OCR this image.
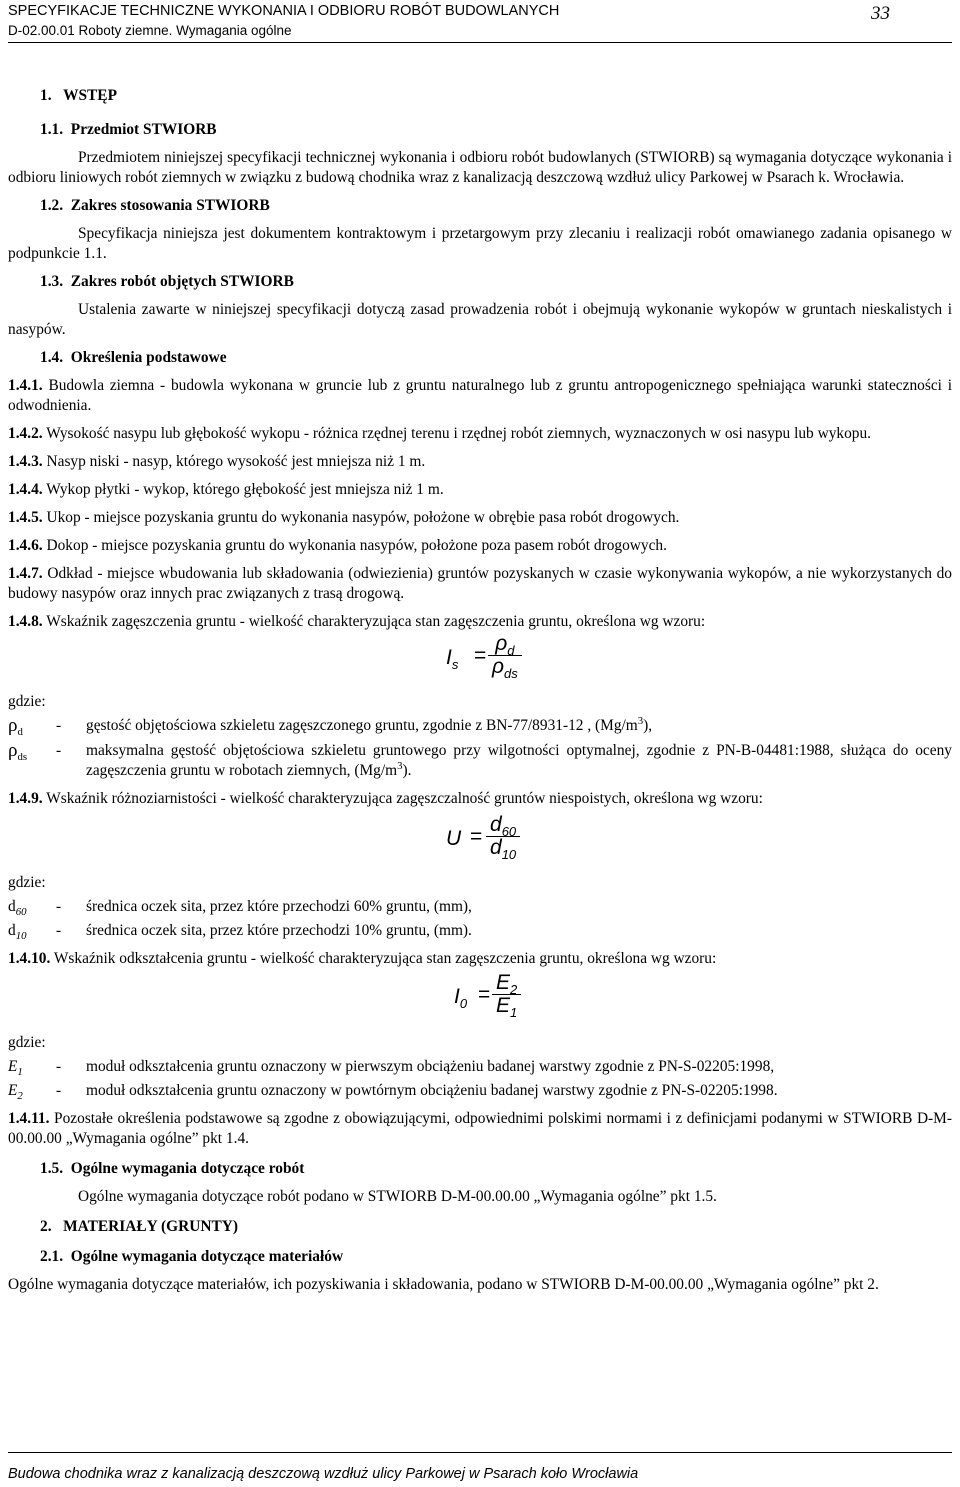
SPECYFIKACJE TECHNICZNE WYKONANIA I ODBIORU ROBÓT BUDOWLANYCH
D-02.00.01 Roboty ziemne. Wymagania ogólne
33

1. WSTĘP

1.1. Przedmiot STWIORB

Przedmiotem niniejszej specyfikacji technicznej wykonania i odbioru robót budowlanych (STWIORB) są wymagania dotyczące wykonania i odbioru liniowych robót ziemnych w związku z budową chodnika wraz z kanalizacją deszczową wzdłuż ulicy Parkowej w Psarach k. Wrocławia.

1.2. Zakres stosowania STWIORB

Specyfikacja niniejsza jest dokumentem kontraktowym i przetargowym przy zlecaniu i realizacji robót omawianego zadania opisanego w podpunkcie 1.1.

1.3. Zakres robót objętych STWIORB

Ustalenia zawarte w niniejszej specyfikacji dotyczą zasad prowadzenia robót i obejmują wykonanie wykopów w gruntach nieskalistych i nasypów.

1.4. Określenia podstawowe

1.4.1. Budowla ziemna - budowla wykonana w gruncie lub z gruntu naturalnego lub z gruntu antropogenicznego spełniająca warunki stateczności i odwodnienia.

1.4.2. Wysokość nasypu lub głębokość wykopu - różnica rzędnej terenu i rzędnej robót ziemnych, wyznaczonych w osi nasypu lub wykopu.

1.4.3. Nasyp niski - nasyp, którego wysokość jest mniejsza niż 1 m.

1.4.4. Wykop płytki - wykop, którego głębokość jest mniejsza niż 1 m.

1.4.5. Ukop - miejsce pozyskania gruntu do wykonania nasypów, położone w obrębie pasa robót drogowych.

1.4.6. Dokop - miejsce pozyskania gruntu do wykonania nasypów, położone poza pasem robót drogowych.

1.4.7. Odkład - miejsce wbudowania lub składowania (odwiezienia) gruntów pozyskanych w czasie wykonywania wykopów, a nie wykorzystanych do budowy nasypów oraz innych prac związanych z trasą drogową.

1.4.8. Wskaźnik zagęszczenia gruntu - wielkość charakteryzująca stan zagęszczenia gruntu, określona wg wzoru:

$I_s$ =
$\rho_d$
$\rho_{ds}$

gdzie:

$\rho_d$	-	gęstość objętościowa szkieletu zagęszczonego gruntu, zgodnie z BN-77/8931-12 , $(Mg/m^3)$,
$\rho_{ds}$	-	maksymalna gęstość objętościowa szkieletu gruntowego przy wilgotności optymalnej, zgodnie z PN-B-04481:1988, służąca do oceny zagęszczenia gruntu w robotach ziemnych, $(Mg/m^3)$.

1.4.9. Wskaźnik różnoziarnistości - wielkość charakteryzująca zagęszczalność gruntów niespoistych, określona wg wzoru:

$U = \frac{d_{60}}{d_{10}}$

gdzie:

$d_{60}$	-	średnica oczek sita, przez które przechodzi 60% gruntu, (mm),
$d_{10}$	-	średnica oczek sita, przez które przechodzi 10% gruntu, (mm).

1.4.10. Wskaźnik odkształcenia gruntu - wielkość charakteryzująca stan zagęszczenia gruntu, określona wg wzoru:

$I_0 = \frac{E_2}{E_1}$

gdzie:

$E_1$	-	moduł odkształcenia gruntu oznaczony w pierwszym obciążeniu badanej warstwy zgodnie z PN-S-02205:1998,
$E_2$	-	moduł odkształcenia gruntu oznaczony w powtórnym obciążeniu badanej warstwy zgodnie z PN-S-02205:1998.

1.4.11. Pozostałe określenia podstawowe są zgodne z obowiązującymi, odpowiednimi polskimi normami i z definicjami podanymi w STWIORB D-M-00.00.00 „Wymagania ogólne” pkt 1.4.

1.5. Ogólne wymagania dotyczące robót

Ogólne wymagania dotyczące robót podano w STWIORB D-M-00.00.00 „Wymagania ogólne” pkt 1.5.

2. MATERIAŁY (GRUNTY)

2.1. Ogólne wymagania dotyczące materiałów

Ogólne wymagania dotyczące materiałów, ich pozyskiwania i składowania, podano w STWIORB D-M-00.00.00 „Wymagania ogólne” pkt 2.

Budowa chodnika wraz z kanalizacją deszczową wzdłuż ulicy Parkowej w Psarach koło Wrocławia
